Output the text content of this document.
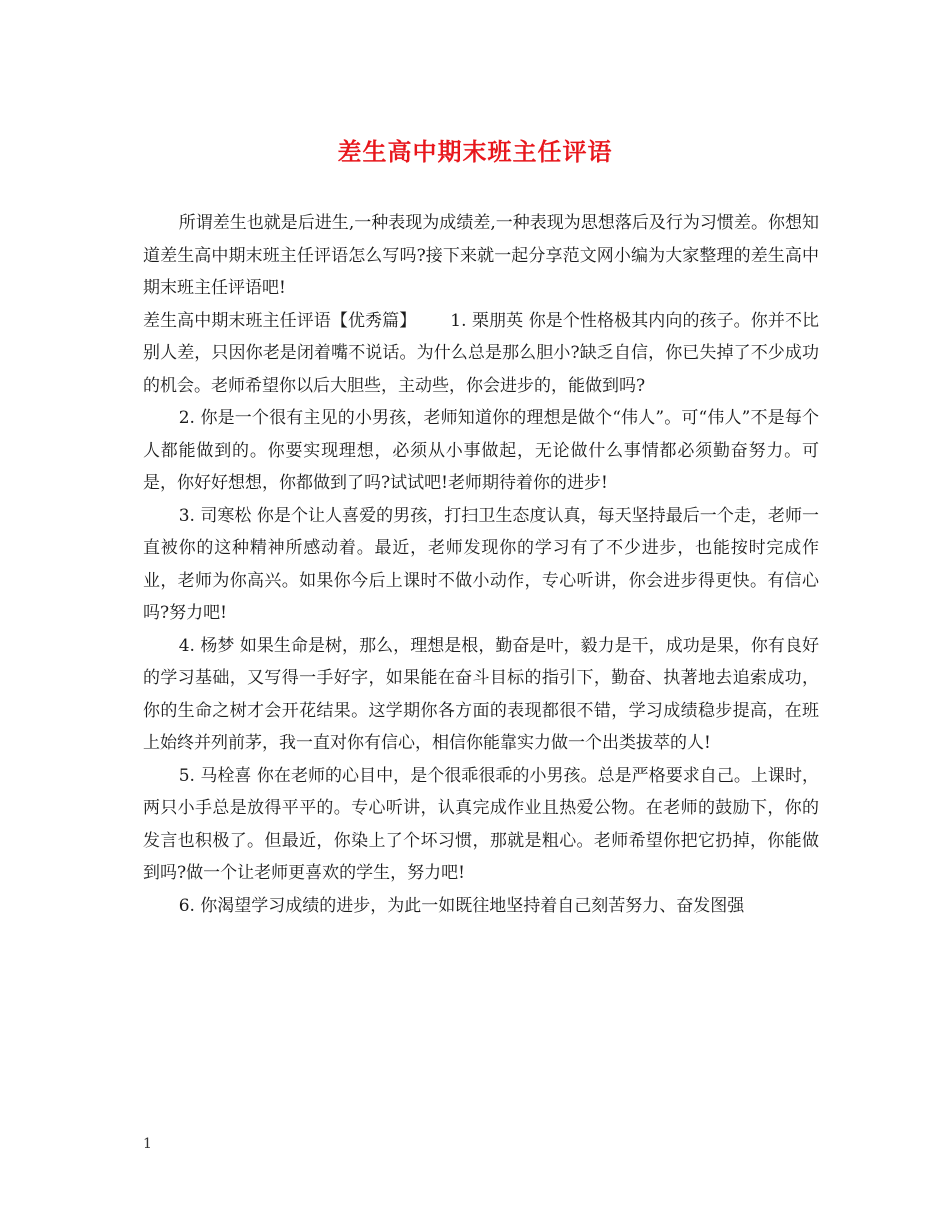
差生高中期末班主任评语

所谓差生也就是后进生,一种表现为成绩差,一种表现为思想落后及行为习惯差。你想知道差生高中期末班主任评语怎么写吗?接下来就一起分享范文网小编为大家整理的差生高中期末班主任评语吧!

差生高中期末班主任评语【优秀篇】 1. 栗朋英 你是个性格极其内向的孩子。你并不比别人差，只因你老是闭着嘴不说话。为什么总是那么胆小?缺乏自信，你已失掉了不少成功的机会。老师希望你以后大胆些，主动些，你会进步的，能做到吗?

2. 你是一个很有主见的小男孩，老师知道你的理想是做个“伟人”。可“伟人”不是每个人都能做到的。你要实现理想，必须从小事做起，无论做什么事情都必须勤奋努力。可是，你好好想想，你都做到了吗?试试吧!老师期待着你的进步!

3. 司寒松 你是个让人喜爱的男孩，打扫卫生态度认真，每天坚持最后一个走，老师一直被你的这种精神所感动着。最近，老师发现你的学习有了不少进步，也能按时完成作业，老师为你高兴。如果你今后上课时不做小动作，专心听讲，你会进步得更快。有信心吗?努力吧!

4. 杨梦 如果生命是树，那么，理想是根，勤奋是叶，毅力是干，成功是果，你有良好的学习基础，又写得一手好字，如果能在奋斗目标的指引下，勤奋、执著地去追索成功，你的生命之树才会开花结果。这学期你各方面的表现都很不错，学习成绩稳步提高，在班上始终并列前茅，我一直对你有信心，相信你能靠实力做一个出类拔萃的人!

5. 马栓喜 你在老师的心目中，是个很乖很乖的小男孩。总是严格要求自己。上课时，两只小手总是放得平平的。专心听讲，认真完成作业且热爱公物。在老师的鼓励下，你的发言也积极了。但最近，你染上了个坏习惯，那就是粗心。老师希望你把它扔掉，你能做到吗?做一个让老师更喜欢的学生，努力吧!

6. 你渴望学习成绩的进步，为此一如既往地坚持着自己刻苦努力、奋发图强

1
